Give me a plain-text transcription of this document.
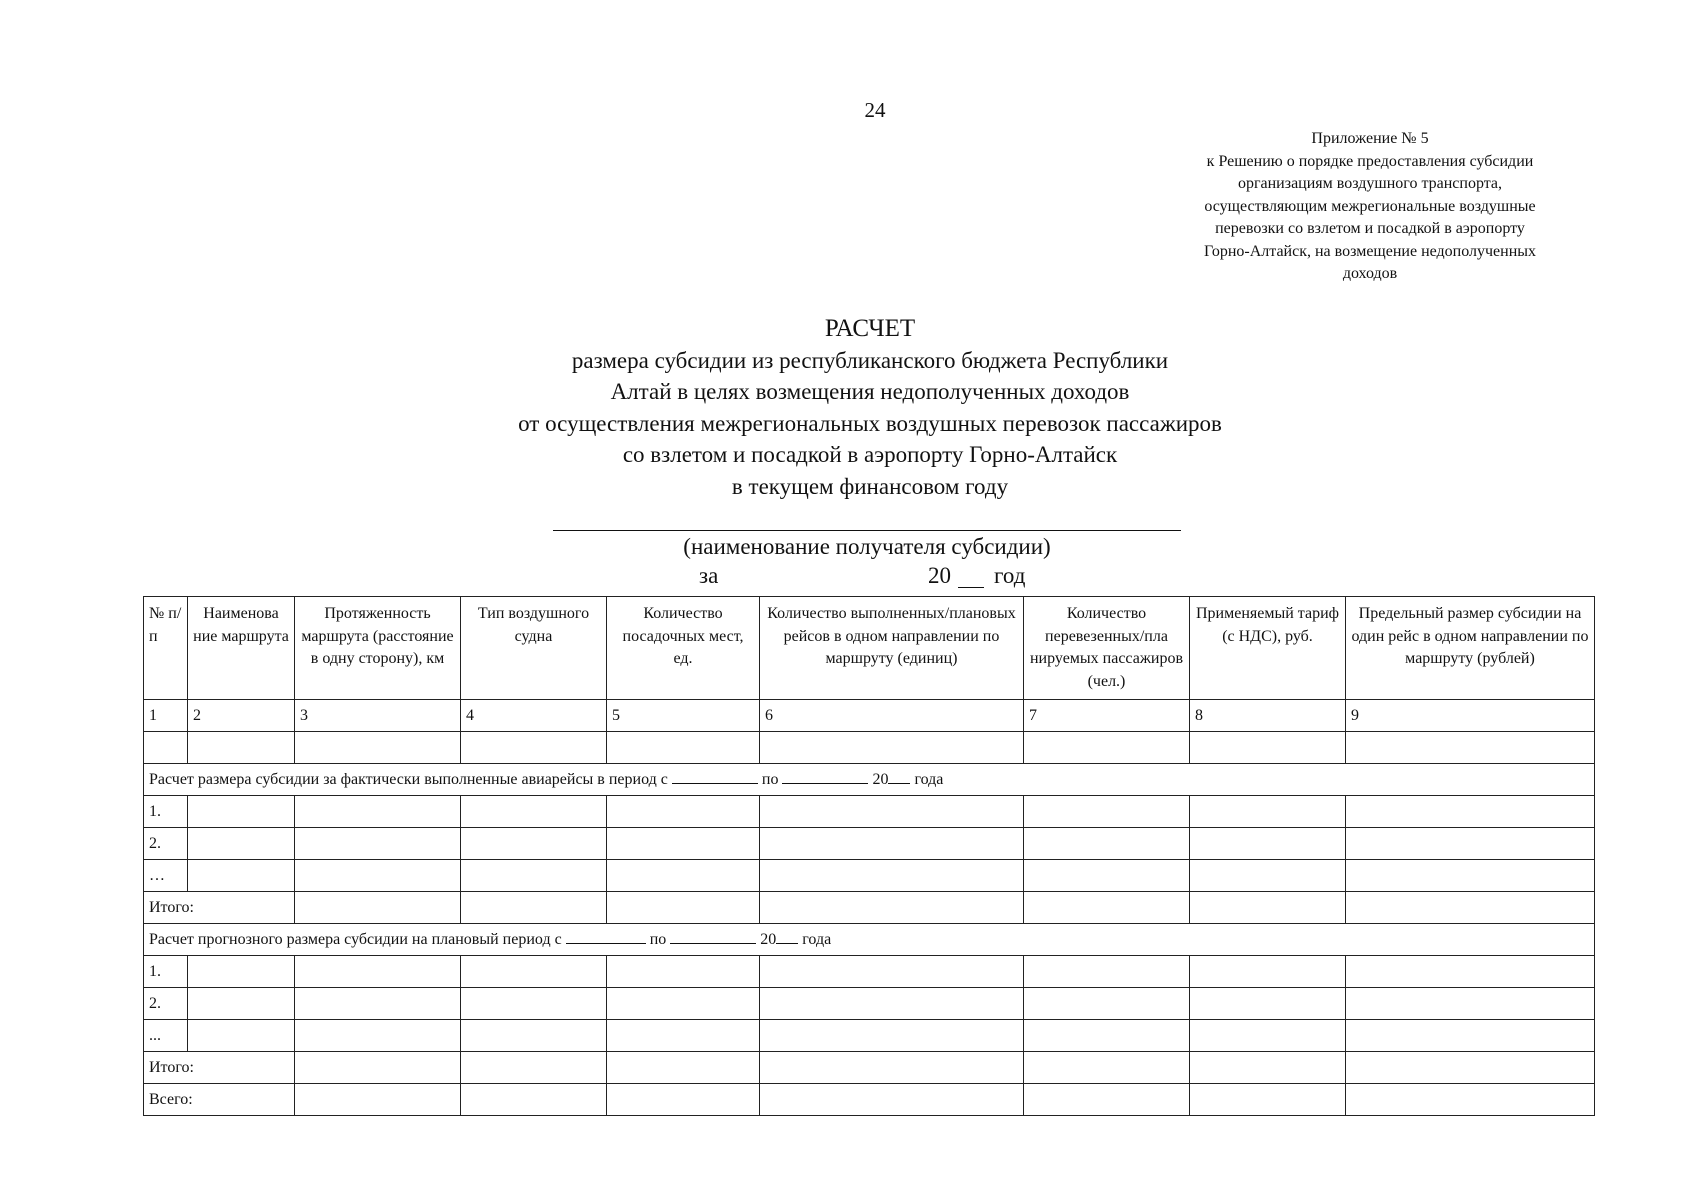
24
Приложение № 5
к Решению о порядке предоставления субсидии
организациям воздушного транспорта,
осуществляющим межрегиональные воздушные
перевозки со взлетом и посадкой в аэропорту
Горно-Алтайск, на возмещение недополученных
доходов
РАСЧЕТ
размера субсидии из республиканского бюджета Республики
Алтай в целях возмещения недополученных доходов
от осуществления межрегиональных воздушных перевозок пассажиров
со взлетом и посадкой в аэропорту Горно-Алтайск
в текущем финансовом году
(наименование получателя субсидии)
за	20 год
№ п/п	Наименова ние маршрута	Протяженность маршрута (расстояние в одну сторону), км	Тип воздушного судна	Количество посадочных мест, ед.	Количество выполненных/плановых рейсов в одном направлении по маршруту (единиц)	Количество перевезенных/пла нируемых пассажиров (чел.)	Применяемый тариф (с НДС), руб.	Предельный размер субсидии на один рейс в одном направлении по маршруту (рублей)
1	2	3	4	5	6	7	8	9

Расчет размера субсидии за фактически выполненные авиарейсы в период с по 20 года								
1.								
2.								
…								
Итого:								
Расчет прогнозного размера субсидии на плановый период с по 20 года								
1.								
2.								
...								
Итого:								
Всего:								
